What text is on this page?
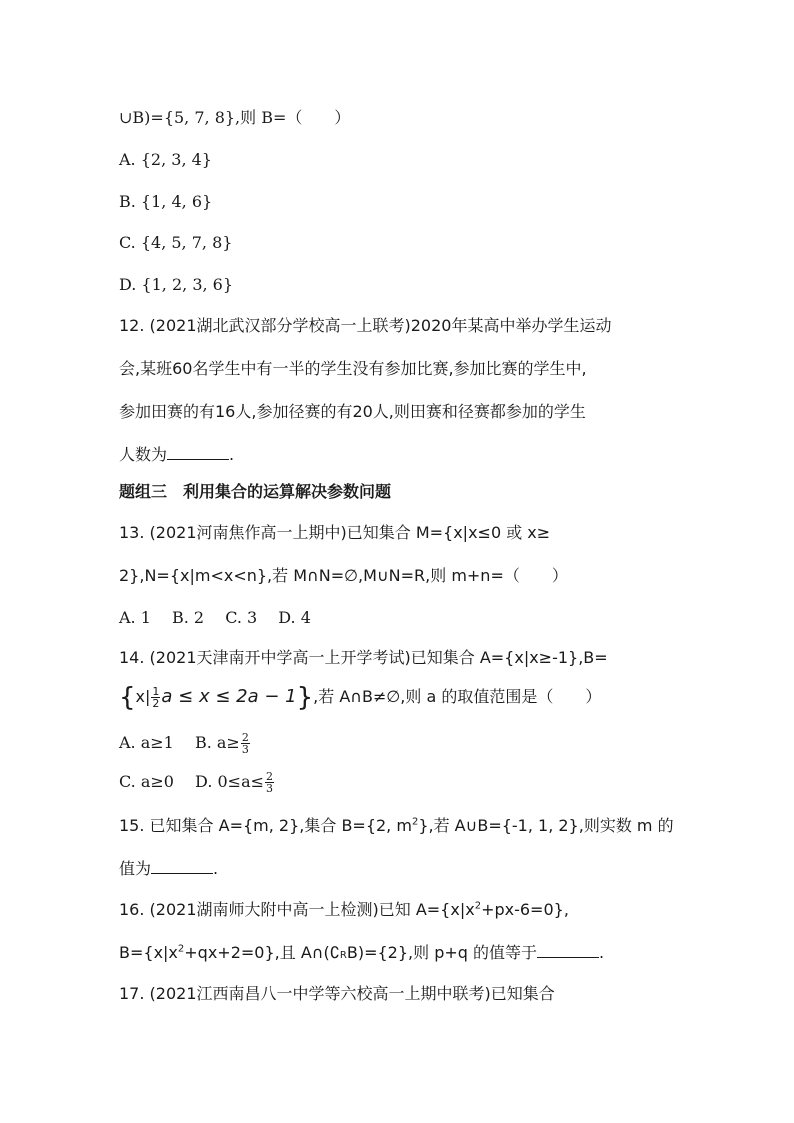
∪B)={5, 7, 8},则 B=（　　）
A. {2, 3, 4}
B. {1, 4, 6}
C. {4, 5, 7, 8}
D. {1, 2, 3, 6}
12. (2021湖北武汉部分学校高一上联考)2020年某高中举办学生运动
会,某班60名学生中有一半的学生没有参加比赛,参加比赛的学生中,
参加田赛的有16人,参加径赛的有20人,则田赛和径赛都参加的学生
人数为	.
题组三　利用集合的运算解决参数问题
13. (2021河南焦作高一上期中)已知集合 M={x|x≤0 或 x≥
2},N={x|m<x<n},若 M∩N=∅,M∪N=R,则 m+n=（　　）
A. 1　 B. 2　 C. 3　 D. 4
14. (2021天津南开中学高一上开学考试)已知集合 A={x|x≥-1},B=
{$x| \frac{1}{2}$ a ≤ x ≤ 2a − 1},若 A∩B≠∅,则 a 的取值范围是（　　）
A. a≥1　 B. $a\ge \frac{2}{3}$
C. a≥0　 D. $0\le a\le \frac{2}{3}$
15. 已知集合 A={m, 2},集合 B={2, $m^2$},若 A∪B={-1, 1, 2},则实数 m 的
值为	.
16. (2021湖南师大附中高一上检测)已知 $A=\{x|x^2+px-6=0\}$,
$B=\{x|x^2+qx+2=0\}$,且 A∩(∁RB)={2},则 p+q 的值等于	.
17. (2021江西南昌八一中学等六校高一上期中联考)已知集合
